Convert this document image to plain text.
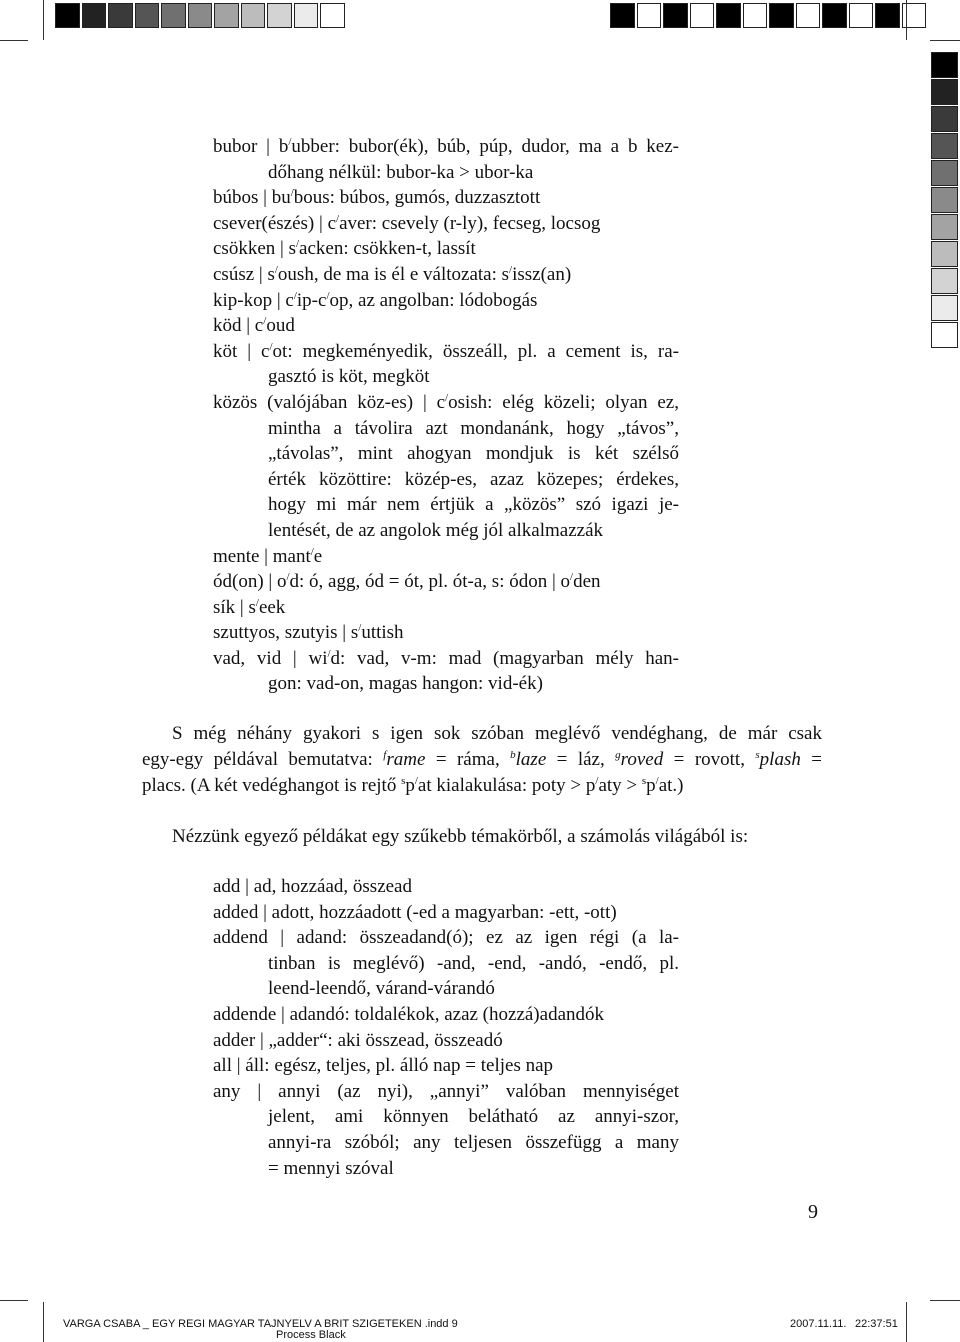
bubor | b/ubber: bubor(ék), búb, púp, dudor, ma a b kez-
dőhang nélkül: bubor-ka > ubor-ka
búbos | bu/bous: búbos, gumós, duzzasztott
csever(észés) | c/aver: csevely (r-ly), fecseg, locsog
csökken | s/acken: csökken-t, lassít
csúsz | s/oush, de ma is él e változata: s/issz(an)
kip-kop | c/ip-c/op, az angolban: lódobogás
köd | c/oud
köt | c/ot: megkeményedik, összeáll, pl. a cement is, ra-
gasztó is köt, megköt
közös (valójában köz-es) | c/osish: elég közeli; olyan ez,
mintha a távolira azt mondanánk, hogy „távos”,
„távolas”, mint ahogyan mondjuk is két szélső
érték közöttire: közép-es, azaz közepes; érdekes,
hogy mi már nem értjük a „közös” szó igazi je-
lentését, de az angolok még jól alkalmazzák
mente | mant/e
ód(on) | o/d: ó, agg, ód = ót, pl. ót-a, s: ódon | o/den
sík | s/eek
szuttyos, szutyis | s/uttish
vad, vid | wi/d: vad, v-m: mad (magyarban mély han-
gon: vad-on, magas hangon: vid-ék)
S még néhány gyakori s igen sok szóban meglévő vendéghang, de már csak
egy-egy példával bemutatva: $^f$rame = ráma, $^b$laze = láz, $^g$roved = rovott, $^s$plash =
placs. (A két vedéghangot is rejtő $^s$p/at kialakulása: poty > p/aty > $^s$p/at.)
Nézzünk egyező példákat egy szűkebb témakörből, a számolás világából is:
add | ad, hozzáad, összead
added | adott, hozzáadott (-ed a magyarban: -ett, -ott)
addend | adand: összeadand(ó); ez az igen régi (a la-
tinban is meglévő) -and, -end, -andó, -endő, pl.
leend-leendő, várand-várandó
addende | adandó: toldalékok, azaz (hozzá)adandók
adder | „adder“: aki összead, összeadó
all | áll: egész, teljes, pl. álló nap = teljes nap
any | annyi (az nyi), „annyi” valóban mennyiséget
jelent, ami könnyen belátható az annyi-szor,
annyi-ra szóból; any teljesen összefügg a many
= mennyi szóval
9
VARGA CSABA _ EGY REGI MAGYAR TAJNYELV A BRIT SZIGETEKEN .indd 9	2007.11.11. 22:37:51
Process Black
